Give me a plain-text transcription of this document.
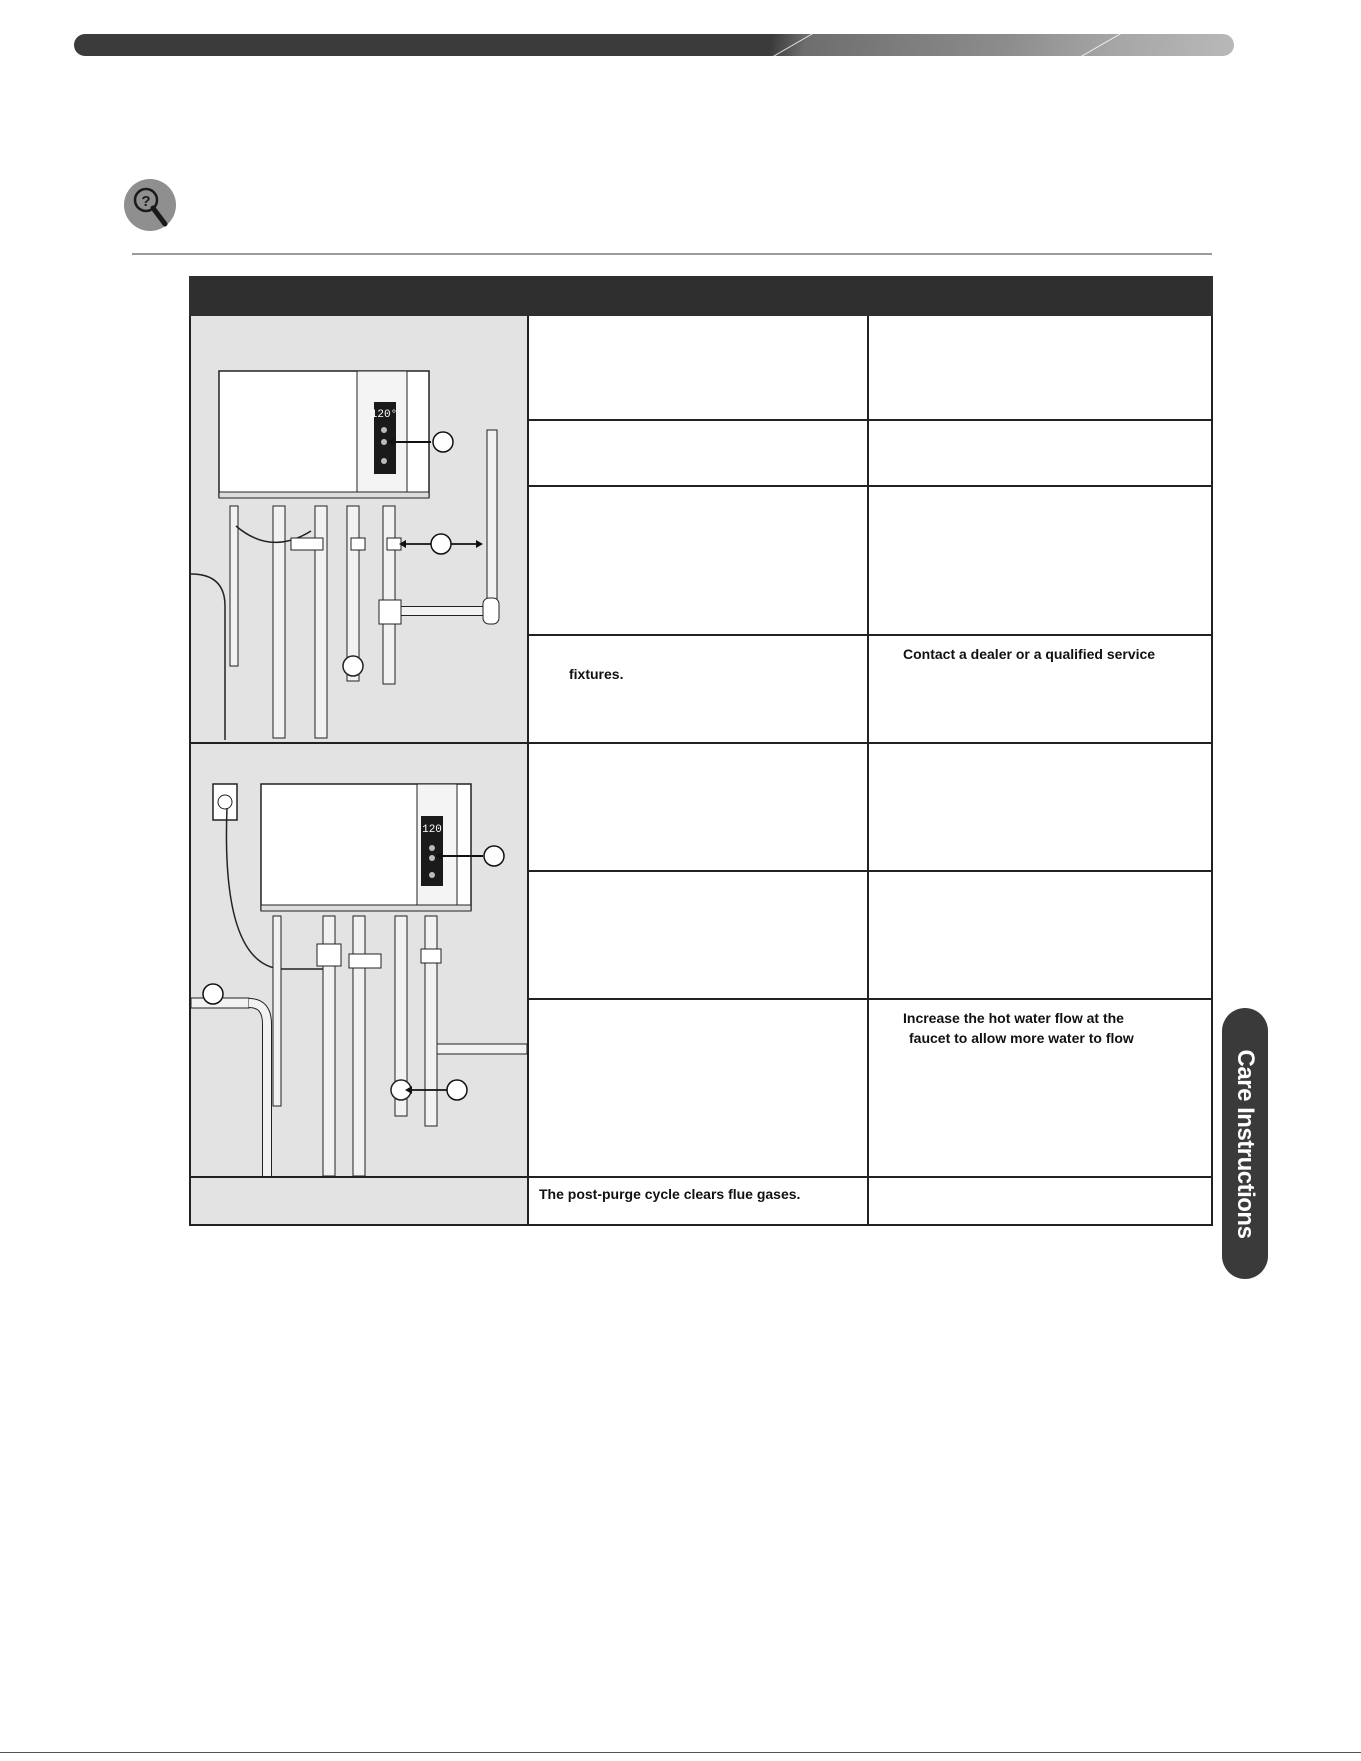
?

120°		

	fixtures.	Contact a dealer or a qualified service

120		

		Increase the hot water flow at the
faucet to allow more water to flow

	The post-purge cycle clears flue gases.	
		Care Instructions
